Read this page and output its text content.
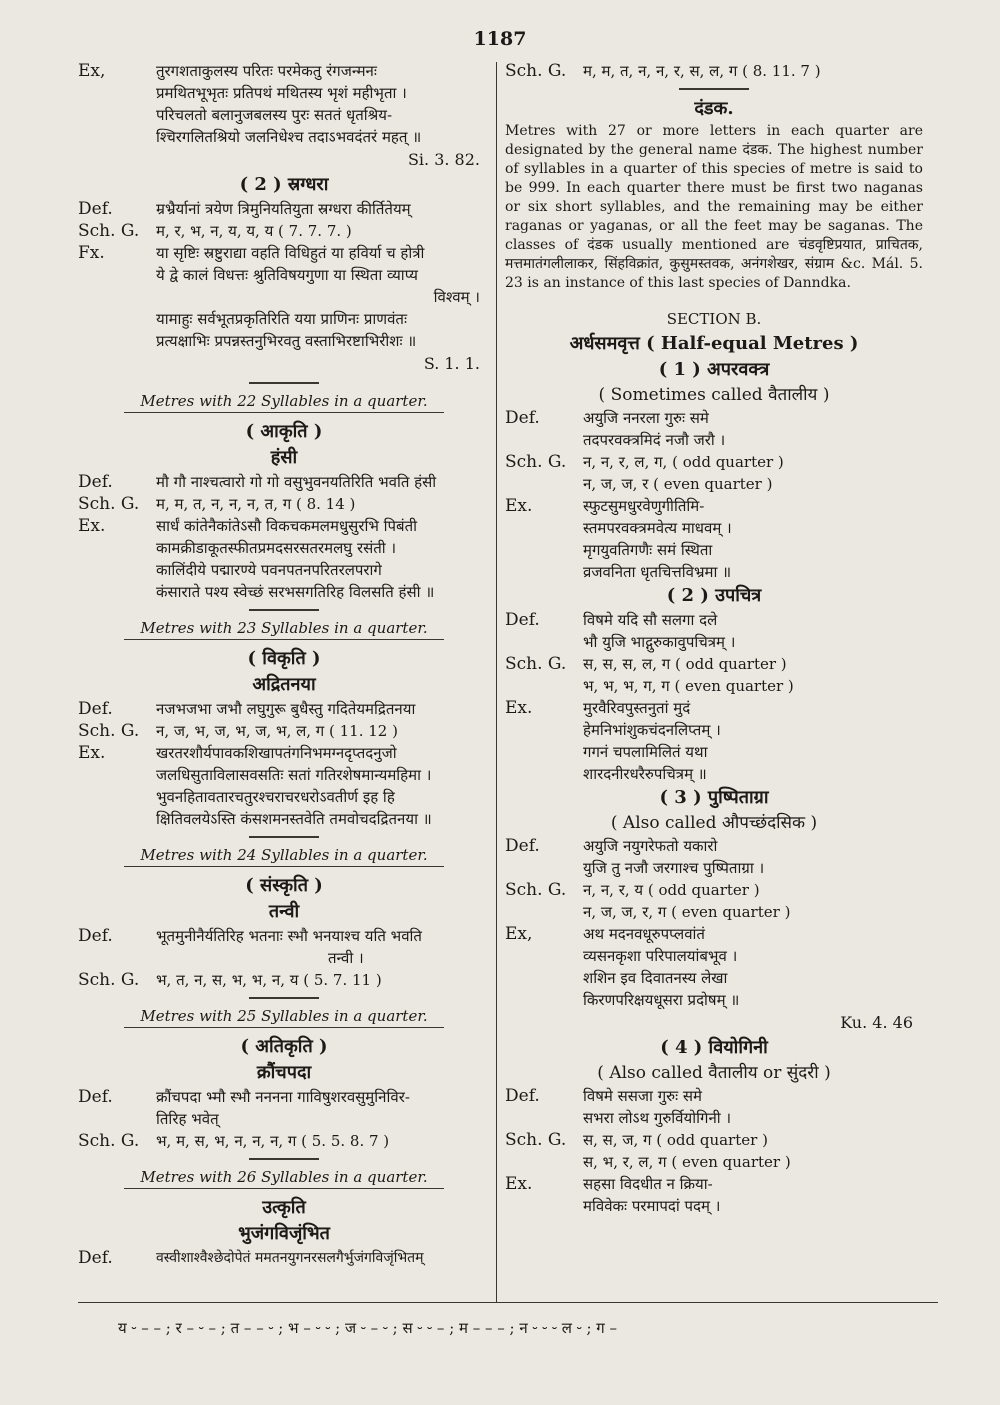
1187
Ex,	तुरगशताकुलस्य परितः परमेकतु रंगजन्मनः
प्रमथितभूभृतः प्रतिपथं मथितस्य भृशं महीभृता ।
परिचलतो बलानुजबलस्य पुरः सततं धृतश्रिय-
श्चिरगलितश्रियो जलनिधेश्च तदाऽभवदंतरं महत् ॥
Si. 3. 82.
( 2 ) स्रग्धरा
Def.	म्रभ्रैर्यानां त्रयेण त्रिमुनियतियुता स्रग्धरा कीर्तितेयम्
Sch. G.	म, र, भ, न, य, य, य ( 7. 7. 7. )
Fx.	या सृष्टिः स्रष्टुराद्या वहति विधिहुतं या हविर्या च होत्री
ये द्वे कालं विधत्तः श्रुतिविषयगुणा या स्थिता व्याप्य
विश्वम् ।
यामाहुः सर्वभूतप्रकृतिरिति यया प्राणिनः प्राणवंतः
प्रत्यक्षाभिः प्रपन्नस्तनुभिरवतु वस्ताभिरष्टाभिरीशः ॥
S. 1. 1.
Metres with 22 Syllables in a quarter.
( आकृति )
हंसी
Def.	मौ गौ नाश्चत्वारो गो गो वसुभुवनयतिरिति भवति हंसी
Sch. G.	म, म, त, न, न, न, त, ग ( 8. 14 )
Ex.	सार्धं कांतेनैकांतेऽसौ विकचकमलमधुसुरभि पिबंती
कामक्रीडाकूतस्फीतप्रमदसरसतरमलघु रसंती ।
कालिंदीये पद्मारण्ये पवनपतनपरितरलपरागे
कंसाराते पश्य स्वेच्छं सरभसगतिरिह विलसति हंसी ॥
Metres with 23 Syllables in a quarter.
( विकृति )
अद्रितनया
Def.	नजभजभा जभौ लघुगुरू बुधैस्तु गदितेयमद्रितनया
Sch. G.	न, ज, भ, ज, भ, ज, भ, ल, ग ( 11. 12 )
Ex.	खरतरशौर्यपावकशिखापतंगनिभमग्नदृप्तदनुजो
जलधिसुताविलासवसतिः सतां गतिरशेषमान्यमहिमा ।
भुवनहितावतारचतुरश्चराचरधरोऽवतीर्ण इह हि
क्षितिवलयेऽस्ति कंसशमनस्तवेति तमवोचदद्रितनया ॥
Metres with 24 Syllables in a quarter.
( संस्कृति )
तन्वी
Def.	भूतमुनीनैर्यतिरिह भतनाः स्भौ भनयाश्च यति भवति
तन्वी ।
Sch. G.	भ, त, न, स, भ, भ, न, य ( 5. 7. 11 )
Metres with 25 Syllables in a quarter.
( अतिकृति )
क्रौंचपदा
Def.	क्रौंचपदा भ्मौ स्भौ नननना गाविषुशरवसुमुनिविर-
तिरिह भवेत्
Sch. G.	भ, म, स, भ, न, न, न, ग ( 5. 5. 8. 7 )
Metres with 26 Syllables in a quarter.
उत्कृति
भुजंगविजृंभित
Def.	वस्वीशाश्वैश्छेदोपेतं ममतनयुगनरसलगैर्भुजंगविजृंभितम्
Sch. G.	म, म, त, न, न, र, स, ल, ग ( 8. 11. 7 )
दंडक.
Metres with 27 or more letters in each quarter are designated by the general name दंडक. The highest number of syllables in a quarter of this species of metre is said to be 999. In each quarter there must be first two naganas or six short syllables, and the remaining may be either raganas or yaganas, or all the feet may be saganas. The classes of दंडक usually mentioned are चंडवृष्टिप्रयात, प्राचितक, मत्तमातंगलीलाकर, सिंहविक्रांत, कुसुमस्तवक, अनंगशेखर, संग्राम &c. Mál. 5. 23 is an instance of this last species of Danndka.
SECTION B.
अर्धसमवृत्त ( Half-equal Metres )
( 1 ) अपरवक्त्र
( Sometimes called वैतालीय )
Def.	अयुजि ननरला गुरुः समे
तदपरवक्त्रमिदं नजौ जरौ ।
Sch. G.	न, न, र, ल, ग, ( odd quarter )
न, ज, ज, र ( even quarter )
Ex.	स्फुटसुमधुरवेणुगीतिमि-
स्तमपरवक्त्रमवेत्य माधवम् ।
मृगयुवतिगणैः समं स्थिता
व्रजवनिता धृतचित्तविभ्रमा ॥
( 2 ) उपचित्र
Def.	विषमे यदि सौ सलगा दले
भौ युजि भाद्गुरुकावुपचित्रम् ।
Sch. G.	स, स, स, ल, ग ( odd quarter )
भ, भ, भ, ग, ग ( even quarter )
Ex.	मुरवैरिवपुस्तनुतां मुदं
हेमनिभांशुकचंदनलिप्तम् ।
गगनं चपलामिलितं यथा
शारदनीरधरैरुपचित्रम् ॥
( 3 ) पुष्पिताग्रा
( Also called औपच्छंदसिक )
Def.	अयुजि नयुगरेफतो यकारो
युजि तु नजौ जरगाश्च पुष्पिताग्रा ।
Sch. G.	न, न, र, य ( odd quarter )
न, ज, ज, र, ग ( even quarter )
Ex,	अथ मदनवधूरुपप्लवांतं
व्यसनकृशा परिपालयांबभूव ।
शशिन इव दिवातनस्य लेखा
किरणपरिक्षयधूसरा प्रदोषम् ॥
Ku. 4. 46
( 4 ) वियोगिनी
( Also called वैतालीय or सुंदरी )
Def.	विषमे ससजा गुरुः समे
सभरा लोऽथ गुरुर्वियोगिनी ।
Sch. G.	स, स, ज, ग ( odd quarter )
स, भ, र, ल, ग ( even quarter )
Ex.	सहसा विदधीत न क्रिया-
मविवेकः परमापदां पदम् ।
य ⏑ – – ; र – ⏑ – ; त – – ⏑ ; भ – ⏑ ⏑ ; ज ⏑ – ⏑ ; स ⏑ ⏑ – ; म – – – ; न ⏑ ⏑ ⏑ ल ⏑ ; ग –
